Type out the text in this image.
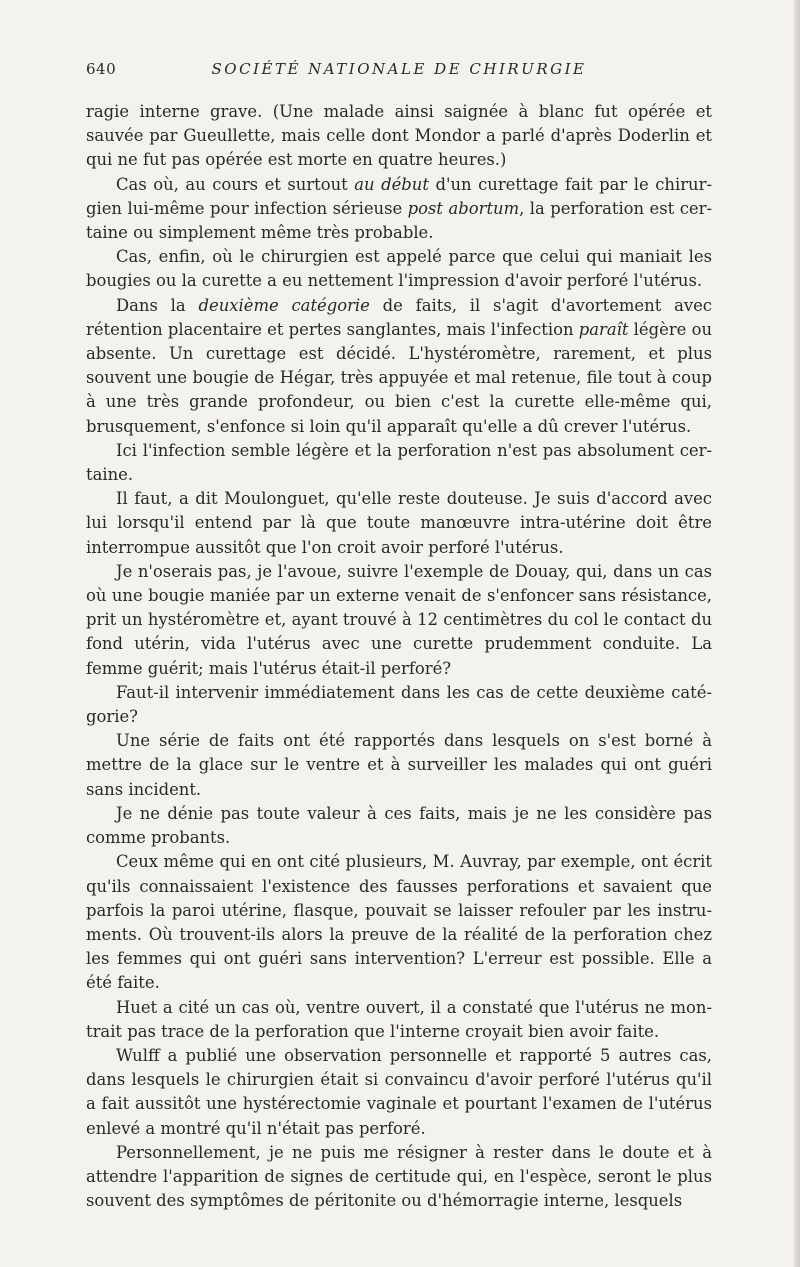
640	SOCIÉTÉ NATIONALE DE CHIRURGIE

ragie interne grave. (Une malade ainsi saignée à blanc fut opérée et sauvée par Gueullette, mais celle dont Mondor a parlé d'après Doderlin et qui ne fut pas opérée est morte en quatre heures.)

Cas où, au cours et surtout au début d'un curettage fait par le chirurgien lui-même pour infection sérieuse post abortum, la perforation est certaine ou simplement même très probable.

Cas, enfin, où le chirurgien est appelé parce que celui qui maniait les bougies ou la curette a eu nettement l'impression d'avoir perforé l'utérus.

Dans la deuxième catégorie de faits, il s'agit d'avortement avec rétention placentaire et pertes sanglantes, mais l'infection paraît légère ou absente. Un curettage est décidé. L'hystéromètre, rarement, et plus souvent une bougie de Hégar, très appuyée et mal retenue, file tout à coup à une très grande profondeur, ou bien c'est la curette elle-même qui, brusquement, s'enfonce si loin qu'il apparaît qu'elle a dû crever l'utérus.

Ici l'infection semble légère et la perforation n'est pas absolument certaine.

Il faut, a dit Moulonguet, qu'elle reste douteuse. Je suis d'accord avec lui lorsqu'il entend par là que toute manœuvre intra-utérine doit être interrompue aussitôt que l'on croit avoir perforé l'utérus.

Je n'oserais pas, je l'avoue, suivre l'exemple de Douay, qui, dans un cas où une bougie maniée par un externe venait de s'enfoncer sans résistance, prit un hystéromètre et, ayant trouvé à 12 centimètres du col le contact du fond utérin, vida l'utérus avec une curette prudemment conduite. La femme guérit; mais l'utérus était-il perforé?

Faut-il intervenir immédiatement dans les cas de cette deuxième catégorie?

Une série de faits ont été rapportés dans lesquels on s'est borné à mettre de la glace sur le ventre et à surveiller les malades qui ont guéri sans incident.

Je ne dénie pas toute valeur à ces faits, mais je ne les considère pas comme probants.

Ceux même qui en ont cité plusieurs, M. Auvray, par exemple, ont écrit qu'ils connaissaient l'existence des fausses perforations et savaient que parfois la paroi utérine, flasque, pouvait se laisser refouler par les instruments. Où trouvent-ils alors la preuve de la réalité de la perforation chez les femmes qui ont guéri sans intervention? L'erreur est possible. Elle a été faite.

Huet a cité un cas où, ventre ouvert, il a constaté que l'utérus ne montrait pas trace de la perforation que l'interne croyait bien avoir faite.

Wulff a publié une observation personnelle et rapporté 5 autres cas, dans lesquels le chirurgien était si convaincu d'avoir perforé l'utérus qu'il a fait aussitôt une hystérectomie vaginale et pourtant l'examen de l'utérus enlevé a montré qu'il n'était pas perforé.

Personnellement, je ne puis me résigner à rester dans le doute et à attendre l'apparition de signes de certitude qui, en l'espèce, seront le plus souvent des symptômes de péritonite ou d'hémorragie interne, lesquels
